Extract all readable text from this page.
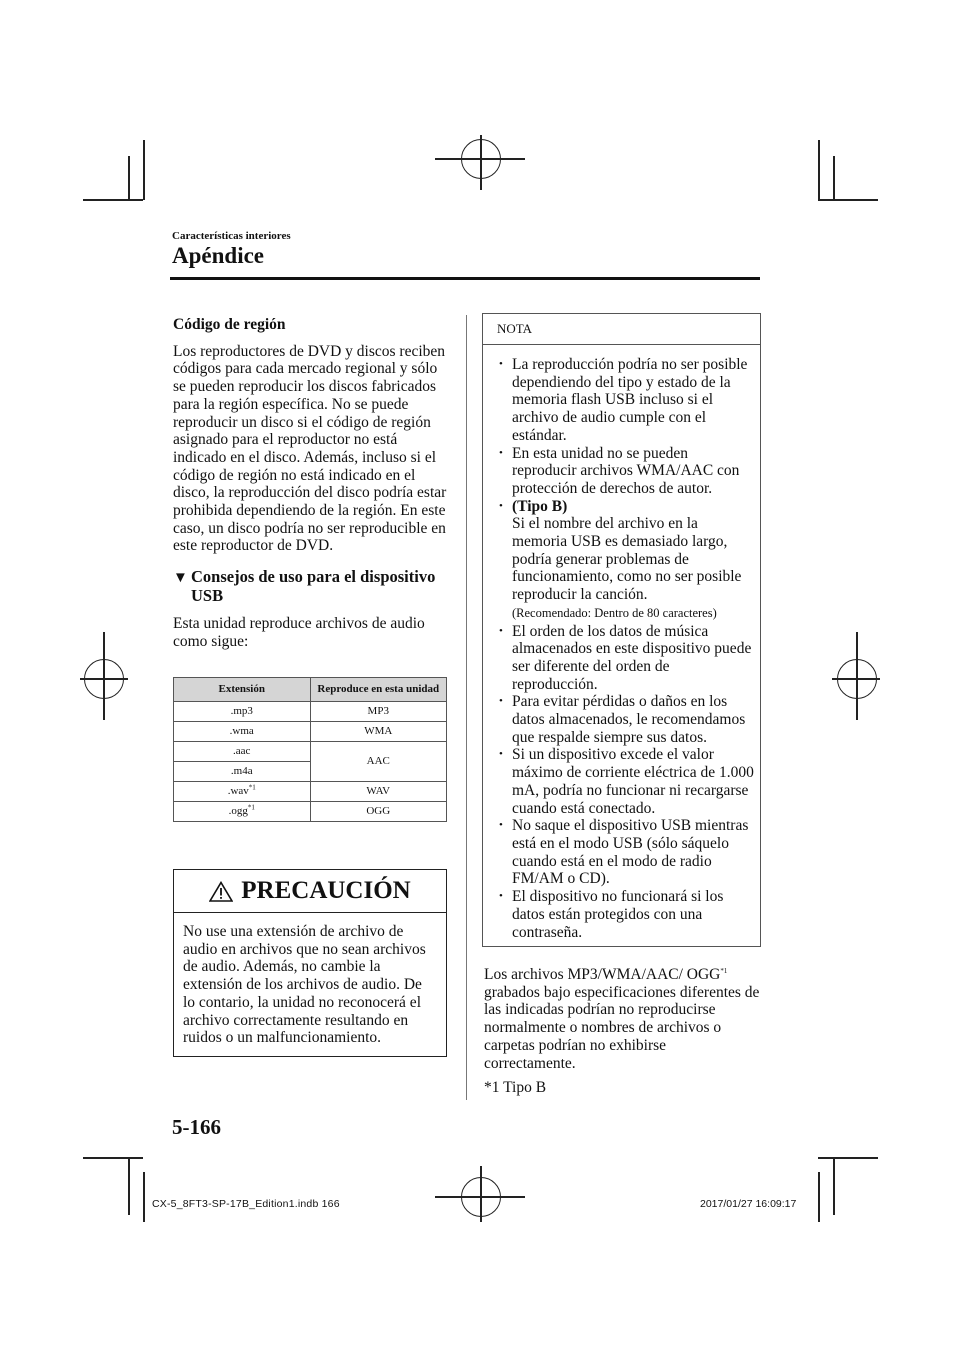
Características interiores
Apéndice
Código de región

Los reproductores de DVD y discos reciben códigos para cada mercado regional y sólo se pueden reproducir los discos fabricados para la región específica. No se puede reproducir un disco si el código de región asignado para el reproductor no está indicado en el disco. Además, incluso si el código de región no está indicado en el disco, la reproducción del disco podría estar prohibida dependiendo de la región. En este caso, un disco podría no ser reproducible en este reproductor de DVD.

▼ Consejos de uso para el dispositivo USB

Esta unidad reproduce archivos de audio como sigue:

Extensión	Reproduce en esta unidad
.mp3	MP3
.wma	WMA
.aac	AAC
.m4a	
.wav$^{*1}$	WAV
.ogg$^{*1}$	OGG
PRECAUCIÓN
No use una extensión de archivo de audio en archivos que no sean archivos de audio. Además, no cambie la extensión de los archivos de audio. De lo contario, la unidad no reconocerá el archivo correctamente resultando en ruidos o un malfuncionamiento.
NOTA
• La reproducción podría no ser posible dependiendo del tipo y estado de la memoria flash USB incluso si el archivo de audio cumple con el estándar.
• En esta unidad no se pueden reproducir archivos WMA/AAC con protección de derechos de autor.
• (Tipo B)
Si el nombre del archivo en la memoria USB es demasiado largo, podría generar problemas de funcionamiento, como no ser posible reproducir la canción.
(Recomendado: Dentro de 80 caracteres)
• El orden de los datos de música almacenados en este dispositivo puede ser diferente del orden de reproducción.
• Para evitar pérdidas o daños en los datos almacenados, le recomendamos que respalde siempre sus datos.
• Si un dispositivo excede el valor máximo de corriente eléctrica de 1.000 mA, podría no funcionar ni recargarse cuando está conectado.
• No saque el dispositivo USB mientras está en el modo USB (sólo sáquelo cuando está en el modo de radio FM/AM o CD).
• El dispositivo no funcionará si los datos están protegidos con una contraseña.
Los archivos MP3/WMA/AAC/ OGG$^{*1}$ grabados bajo especificaciones diferentes de las indicadas podrían no reproducirse normalmente o nombres de archivos o carpetas podrían no exhibirse correctamente.
*1 Tipo B
5-166
CX-5_8FT3-SP-17B_Edition1.indb 166	2017/01/27 16:09:17
